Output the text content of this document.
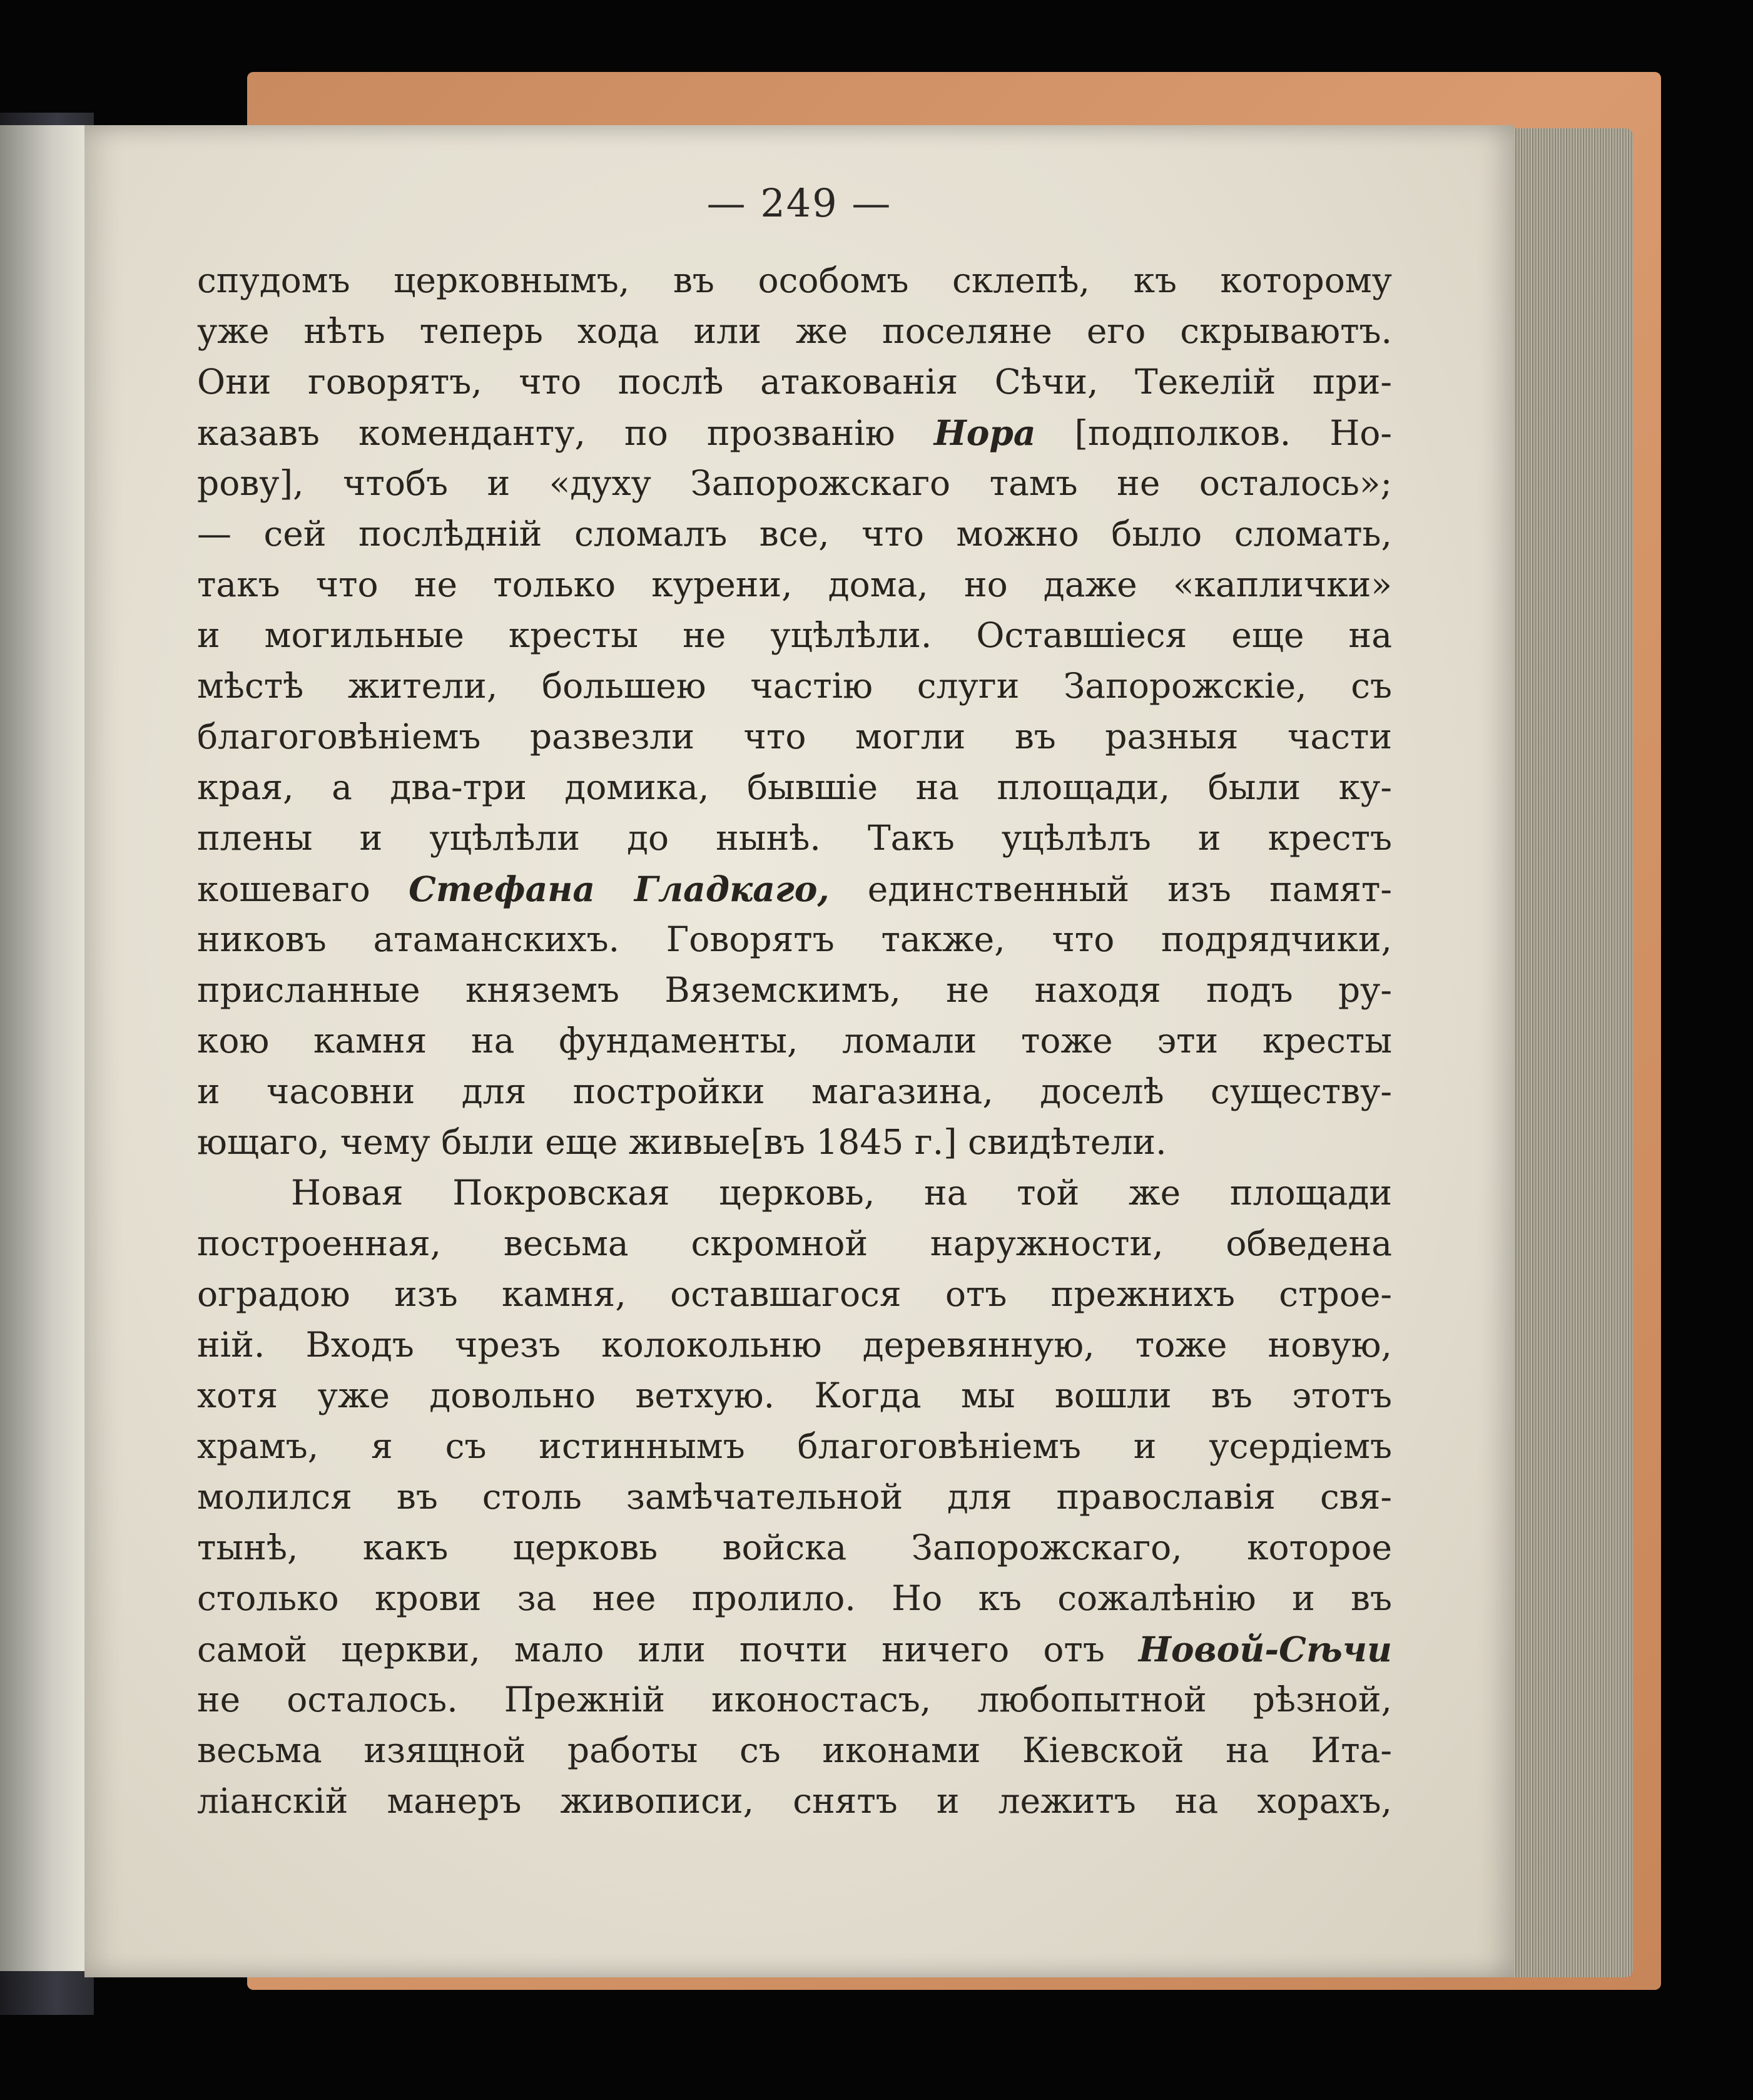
— 249 —
спудомъ церковнымъ, въ особомъ склепѣ, къ которому
уже нѣть теперь хода или же поселяне его скрываютъ.
Они говорятъ, что послѣ атакованія Сѣчи, Текелій при-
казавъ коменданту, по прозванію Нора [подполков. Но-
рову], чтобъ и «духу Запорожскаго тамъ не осталось»;
— сей послѣдній сломалъ все, что можно было сломать,
такъ что не только курени, дома, но даже «каплички»
и могильные кресты не уцѣлѣли. Оставшіеся еще на
мѣстѣ жители, большею частію слуги Запорожскіе, съ
благоговѣніемъ развезли что могли въ разныя части
края, а два-три домика, бывшіе на площади, были ку-
плены и уцѣлѣли до нынѣ. Такъ уцѣлѣлъ и крестъ
кошеваго Стефана Гладкаго, единственный изъ памят-
никовъ атаманскихъ. Говорятъ также, что подрядчики,
присланные княземъ Вяземскимъ, не находя подъ ру-
кою камня на фундаменты, ломали тоже эти кресты
и часовни для постройки магазина, доселѣ существу-
ющаго, чему были еще живые[въ 1845 г.] свидѣтели.
Новая Покровская церковь, на той же площади
построенная, весьма скромной наружности, обведена
оградою изъ камня, оставшагося отъ прежнихъ строе-
ній. Входъ чрезъ колокольню деревянную, тоже новую,
хотя уже довольно ветхую. Когда мы вошли въ этотъ
храмъ, я съ истиннымъ благоговѣніемъ и усердіемъ
молился въ столь замѣчательной для православія свя-
тынѣ, какъ церковь войска Запорожскаго, которое
столько крови за нее пролило. Но къ сожалѣнію и въ
самой церкви, мало или почти ничего отъ Новой-Сѣчи
не осталось. Прежній иконостасъ, любопытной рѣзной,
весьма изящной работы съ иконами Кіевской на Ита-
ліанскій манеръ живописи, снятъ и лежитъ на хорахъ,
